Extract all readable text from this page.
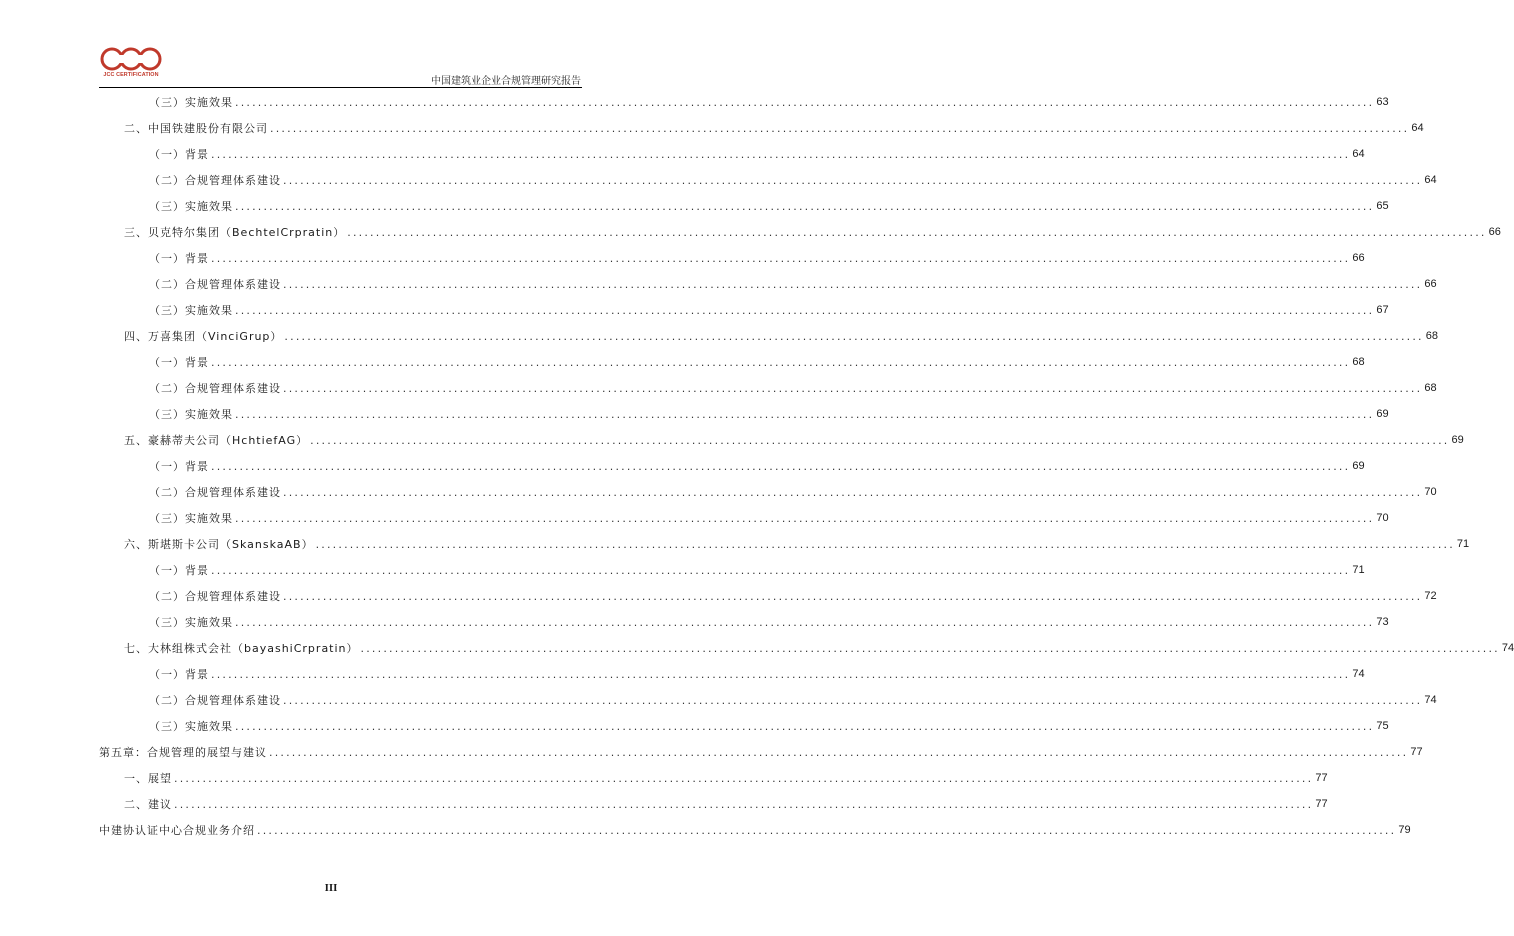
JCC CERTIFICATION
中国建筑业企业合规管理研究报告
（三）实施效果 ........................................................................................................................................................................................................ 63
二、中国铁建股份有限公司 ........................................................................................................................................................................................................ 64
（一）背景 ........................................................................................................................................................................................................ 64
（二）合规管理体系建设 ........................................................................................................................................................................................................ 64
（三）实施效果 ........................................................................................................................................................................................................ 65
三、贝克特尔集团（BechtelCrpratin） ........................................................................................................................................................................................................ 66
（一）背景 ........................................................................................................................................................................................................ 66
（二）合规管理体系建设 ........................................................................................................................................................................................................ 66
（三）实施效果 ........................................................................................................................................................................................................ 67
四、万喜集团（VinciGrup） ........................................................................................................................................................................................................ 68
（一）背景 ........................................................................................................................................................................................................ 68
（二）合规管理体系建设 ........................................................................................................................................................................................................ 68
（三）实施效果 ........................................................................................................................................................................................................ 69
五、豪赫蒂夫公司（HchtiefAG） ........................................................................................................................................................................................................ 69
（一）背景 ........................................................................................................................................................................................................ 69
（二）合规管理体系建设 ........................................................................................................................................................................................................ 70
（三）实施效果 ........................................................................................................................................................................................................ 70
六、斯堪斯卡公司（SkanskaAB） ........................................................................................................................................................................................................ 71
（一）背景 ........................................................................................................................................................................................................ 71
（二）合规管理体系建设 ........................................................................................................................................................................................................ 72
（三）实施效果 ........................................................................................................................................................................................................ 73
七、大林组株式会社（bayashiCrpratin） ........................................................................................................................................................................................................ 74
（一）背景 ........................................................................................................................................................................................................ 74
（二）合规管理体系建设 ........................................................................................................................................................................................................ 74
（三）实施效果 ........................................................................................................................................................................................................ 75
第五章：合规管理的展望与建议 ........................................................................................................................................................................................................ 77
一、展望 ........................................................................................................................................................................................................ 77
二、建议 ........................................................................................................................................................................................................ 77
中建协认证中心合规业务介绍 ........................................................................................................................................................................................................ 79
III
